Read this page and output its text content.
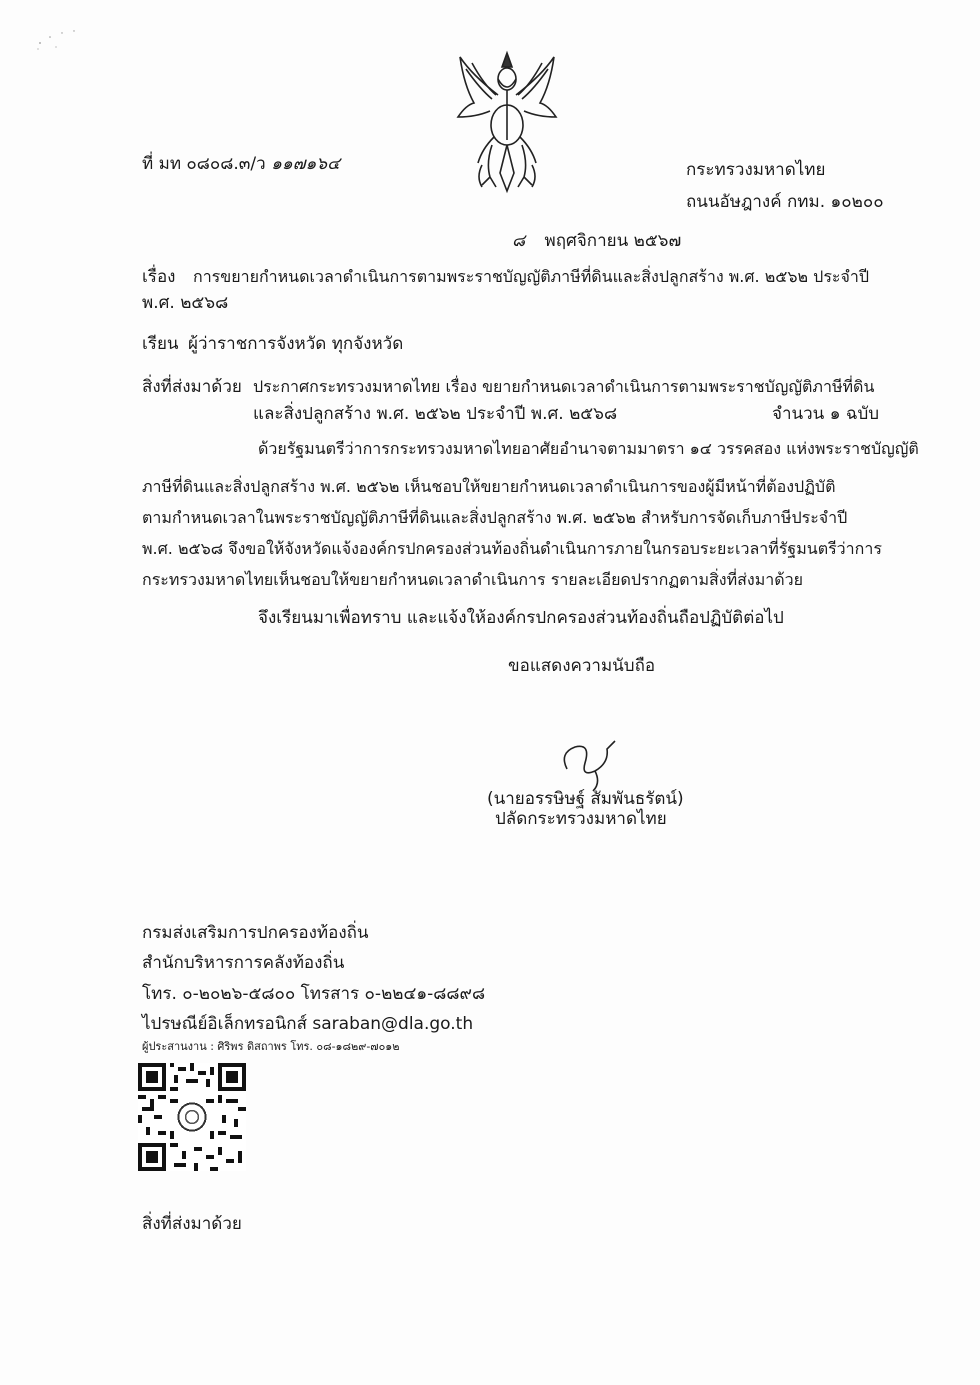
ที่ มท ๐๘๐๘.๓/ว ๑๑๗๑๖๔	กระทรวงมหาดไทย
ถนนอัษฎางค์ กทม. ๑๐๒๐๐
๘ พฤศจิกายน ๒๕๖๗
เรื่อง การขยายกำหนดเวลาดำเนินการตามพระราชบัญญัติภาษีที่ดินและสิ่งปลูกสร้าง พ.ศ. ๒๕๖๒ ประจำปี
พ.ศ. ๒๕๖๘
เรียน ผู้ว่าราชการจังหวัด ทุกจังหวัด
สิ่งที่ส่งมาด้วย ประกาศกระทรวงมหาดไทย เรื่อง ขยายกำหนดเวลาดำเนินการตามพระราชบัญญัติภาษีที่ดิน
และสิ่งปลูกสร้าง พ.ศ. ๒๕๖๒ ประจำปี พ.ศ. ๒๕๖๘	จำนวน ๑ ฉบับ
ด้วยรัฐมนตรีว่าการกระทรวงมหาดไทยอาศัยอำนาจตามมาตรา ๑๔ วรรคสอง แห่งพระราชบัญญัติ
ภาษีที่ดินและสิ่งปลูกสร้าง พ.ศ. ๒๕๖๒ เห็นชอบให้ขยายกำหนดเวลาดำเนินการของผู้มีหน้าที่ต้องปฏิบัติ
ตามกำหนดเวลาในพระราชบัญญัติภาษีที่ดินและสิ่งปลูกสร้าง พ.ศ. ๒๕๖๒ สำหรับการจัดเก็บภาษีประจำปี
พ.ศ. ๒๕๖๘ จึงขอให้จังหวัดแจ้งองค์กรปกครองส่วนท้องถิ่นดำเนินการภายในกรอบระยะเวลาที่รัฐมนตรีว่าการ
กระทรวงมหาดไทยเห็นชอบให้ขยายกำหนดเวลาดำเนินการ รายละเอียดปรากฏตามสิ่งที่ส่งมาด้วย
จึงเรียนมาเพื่อทราบ และแจ้งให้องค์กรปกครองส่วนท้องถิ่นถือปฏิบัติต่อไป
ขอแสดงความนับถือ
(นายอรรษิษฐ์ สัมพันธรัตน์)
ปลัดกระทรวงมหาดไทย
กรมส่งเสริมการปกครองท้องถิ่น
สำนักบริหารการคลังท้องถิ่น
โทร. ๐-๒๐๒๖-๕๘๐๐ โทรสาร ๐-๒๒๔๑-๘๘๙๘
ไปรษณีย์อิเล็กทรอนิกส์ saraban@dla.go.th
ผู้ประสานงาน : ศิริพร ดิสถาพร โทร. ๐๘-๑๘๒๙-๗๐๑๒
สิ่งที่ส่งมาด้วย
